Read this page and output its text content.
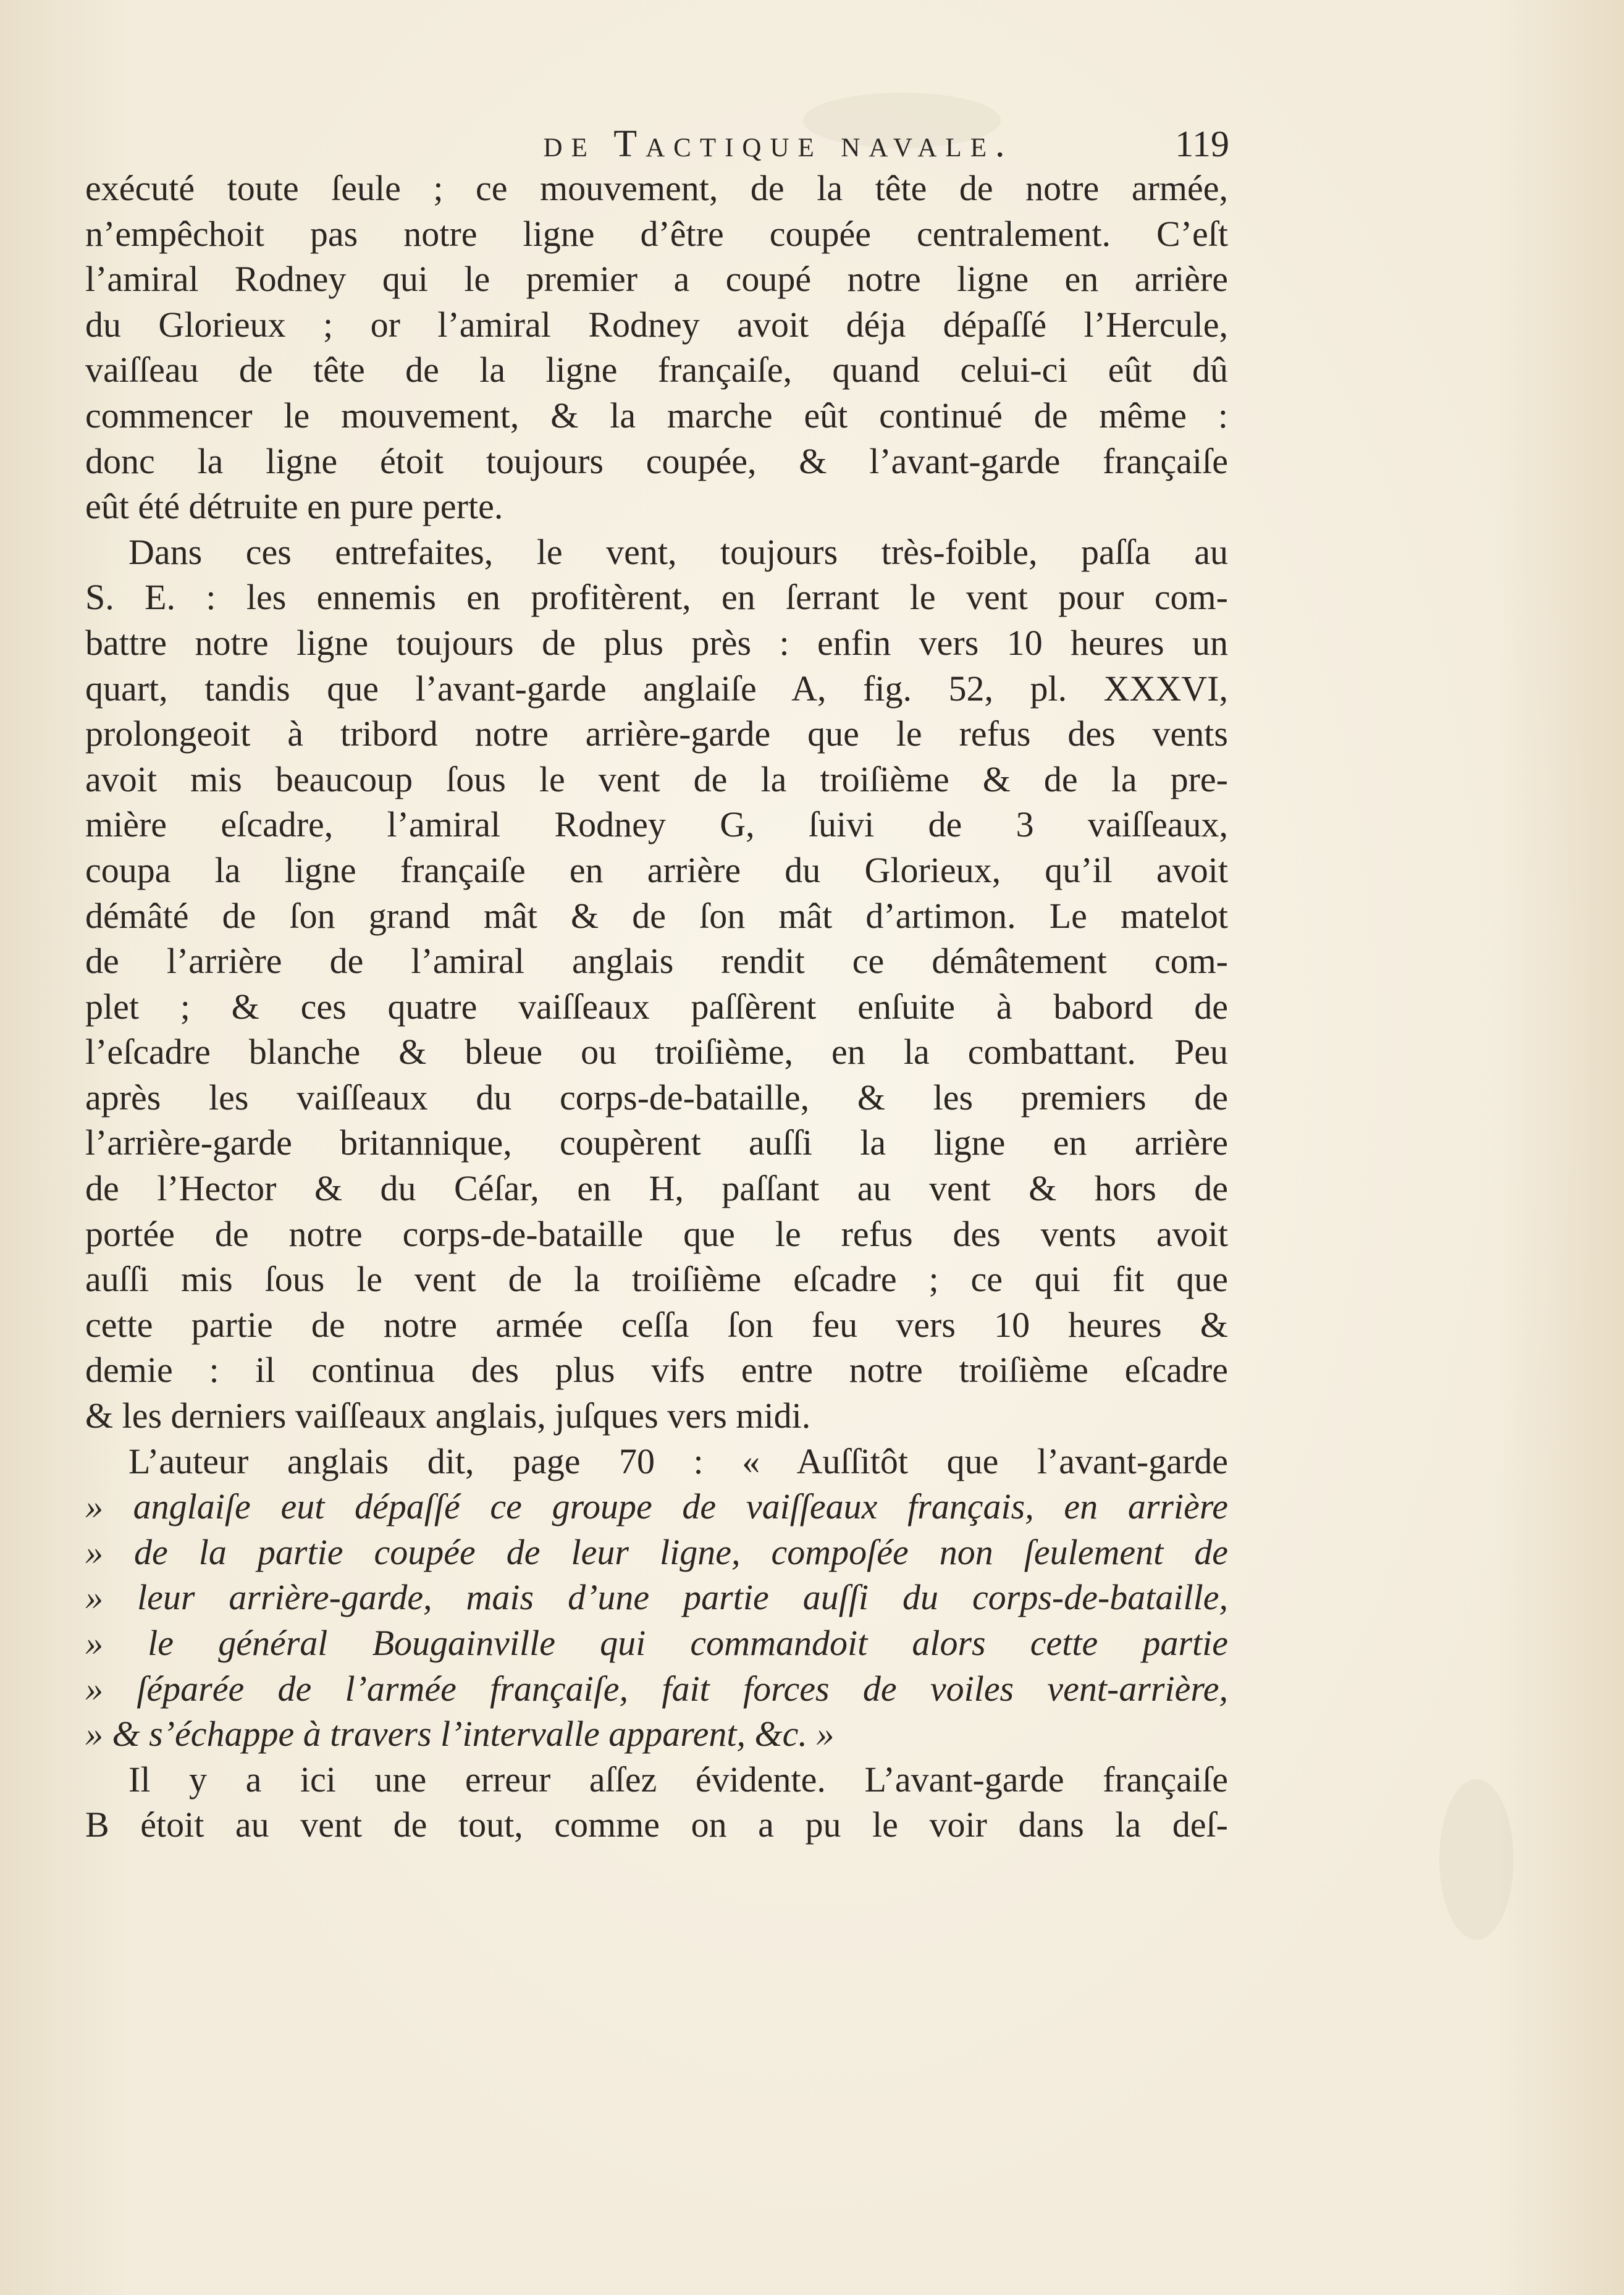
de Tactique navale.	119
exécuté toute ſeule ; ce mouvement, de la tête de notre armée,
n’empêchoit pas notre ligne d’être coupée centralement. C’eſt
l’amiral Rodney qui le premier a coupé notre ligne en arrière
du Glorieux ; or l’amiral Rodney avoit déja dépaſſé l’Hercule,
vaiſſeau de tête de la ligne françaiſe, quand celui-ci eût dû
commencer le mouvement, & la marche eût continué de même :
donc la ligne étoit toujours coupée, & l’avant-garde françaiſe
eût été détruite en pure perte.
Dans ces entrefaites, le vent, toujours très-foible, paſſa au
S. E. : les ennemis en profitèrent, en ſerrant le vent pour com-
battre notre ligne toujours de plus près : enfin vers 10 heures un
quart, tandis que l’avant-garde anglaiſe A, fig. 52, pl. XXXVI,
prolongeoit à tribord notre arrière-garde que le refus des vents
avoit mis beaucoup ſous le vent de la troiſième & de la pre-
mière eſcadre, l’amiral Rodney G, ſuivi de 3 vaiſſeaux,
coupa la ligne françaiſe en arrière du Glorieux, qu’il avoit
démâté de ſon grand mât & de ſon mât d’artimon. Le matelot
de l’arrière de l’amiral anglais rendit ce démâtement com-
plet ; & ces quatre vaiſſeaux paſſèrent enſuite à babord de
l’eſcadre blanche & bleue ou troiſième, en la combattant. Peu
après les vaiſſeaux du corps-de-bataille, & les premiers de
l’arrière-garde britannique, coupèrent auſſi la ligne en arrière
de l’Hector & du Céſar, en H, paſſant au vent & hors de
portée de notre corps-de-bataille que le refus des vents avoit
auſſi mis ſous le vent de la troiſième eſcadre ; ce qui fit que
cette partie de notre armée ceſſa ſon feu vers 10 heures &
demie : il continua des plus vifs entre notre troiſième eſcadre
& les derniers vaiſſeaux anglais, juſques vers midi.
L’auteur anglais dit, page 70 : « Auſſitôt que l’avant-garde
» anglaiſe eut dépaſſé ce groupe de vaiſſeaux français, en arrière
» de la partie coupée de leur ligne, compoſée non ſeulement de
» leur arrière-garde, mais d’une partie auſſi du corps-de-bataille,
» le général Bougainville qui commandoit alors cette partie
» ſéparée de l’armée françaiſe, fait forces de voiles vent-arrière,
» & s’échappe à travers l’intervalle apparent, &c. »
Il y a ici une erreur aſſez évidente. L’avant-garde françaiſe
B étoit au vent de tout, comme on a pu le voir dans la deſ-
